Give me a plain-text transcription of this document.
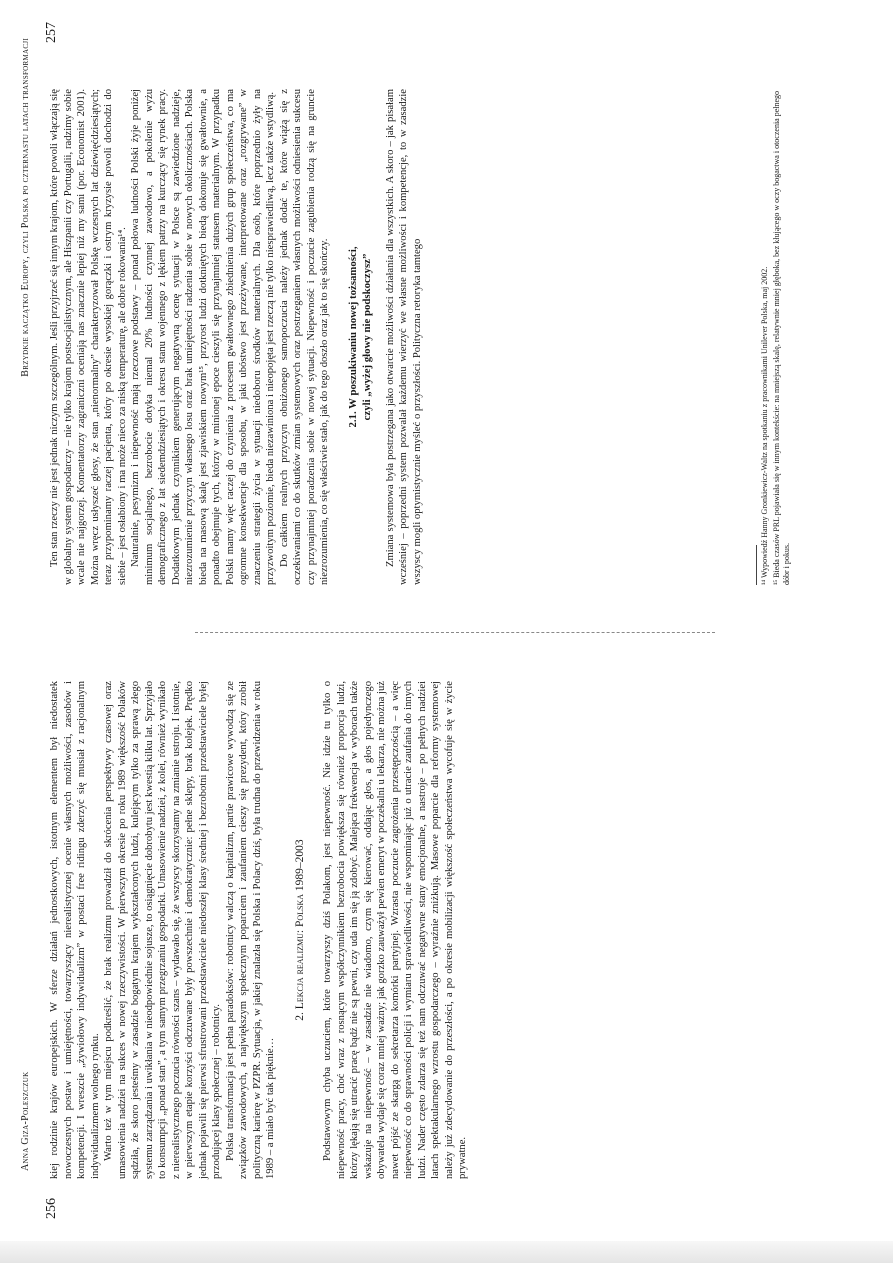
Anna Giza-Poleszczuk
256

kiej rodzinie krajów europejskich. W sferze działań jednostkowych, istotnym elementem był niedostatek nowoczesnych postaw i umiejętności, towarzyszący nierealistycznej ocenie własnych możliwości, zasobów i kompetencji. I wreszcie „żywiołowy indywidualizm” w postaci free ridingu zderzyć się musiał z racjonalnym indywidualizmem wolnego rynku. Warto też w tym miejscu podkreślić, że brak realizmu prowadził do skrócenia perspektywy czasowej oraz umasowienia nadziei na sukces w nowej rzeczywistości. W pierwszym okresie po roku 1989 większość Polaków sądziła, że skoro jesteśmy w zasadzie bogatym krajem wykształconych ludzi, kulejącym tylko za sprawą złego systemu zarządzania i uwikłania w nieodpowiednie sojusze, to osiągnięcie dobrobytu jest kwestią kilku lat. Sprzyjało to konsumpcji „ponad stan”, a tym samym przegrzaniu gospodarki. Umasowienie nadziei, z kolei, również wynikało z nierealistycznego poczucia równości szans – wydawało się, że wszyscy skorzystamy na zmianie ustroju. I istotnie, w pierwszym etapie korzyści odczuwane były powszechnie i demokratycznie: pełne sklepy, brak kolejek. Prędko jednak pojawili się pierwsi sfrustrowani przedstawiciele niedoszłej klasy średniej i bezrobotni przedstawiciele byłej przodującej klasy społecznej – robotnicy. Polska transformacja jest pełna paradoksów: robotnicy walczą o kapitalizm, partie prawicowe wywodzą się ze związków zawodowych, a największym społecznym poparciem i zaufaniem cieszy się prezydent, który zrobił polityczną karierę w PZPR. Sytuacja, w jakiej znalazła się Polska i Polacy dziś, była trudna do przewidzenia w roku 1989 – a miało być tak pięknie…

2. Lekcja realizmu: Polska 1989–2003 Podstawowym chyba uczuciem, które towarzyszy dziś Polakom, jest niepewność. Nie idzie tu tylko o niepewność pracy, choć wraz z rosnącym współczynnikiem bezrobocia powiększa się również proporcja ludzi, którzy lękają się utracić pracę bądź nie są pewni, czy uda im się ją zdobyć. Malejąca frekwencja w wyborach także wskazuje na niepewność – w zasadzie nie wiadomo, czym się kierować, oddając głos, a głos pojedynczego obywatela wydaje się coraz mniej ważny; jak gorzko zauważył pewien emeryt w poczekalni u lekarza, nie można już nawet pójść ze skargą do sekretarza komórki partyjnej. Wzrasta poczucie zagrożenia przestępczością – a więc niepewność co do sprawności policji i wymiaru sprawiedliwości, nie wspominając już o utracie zaufania do innych ludzi. Nader często zdarza się też nam odczuwać negatywne stany emocjonalne, a nastroje – po pełnych nadziei latach spektakularnego wzrostu gospodarczego – wyraźnie zniżkują. Masowe poparcie dla reformy systemowej należy już zdecydowanie do przeszłości, a po okresie mobilizacji większość społeczeństwa wycofuje się w życie prywatne.

Brzydkie kaczątko Europy, czyli Polska po czternastu latach transformacji
257

Ten stan rzeczy nie jest jednak niczym szczególnym. Jeśli przyjrzeć się innym krajom, które powoli włączają się w globalny system gospodarczy – nie tylko krajom postsocjalistycznym, ale Hiszpanii czy Portugalii, radzimy sobie wcale nie najgorzej. Komentatorzy zagraniczni oceniają nas znacznie lepiej niż my sami (por. Economist 2001). Można wręcz usłyszeć głosy, że stan „nienormalny” charakteryzował Polskę wczesnych lat dziewięćdziesiątych; teraz przypominamy raczej pacjenta, który po okresie wysokiej gorączki i ostrym kryzysie powoli dochodzi do siebie – jest osłabiony i ma może nieco za niską temperaturę, ale dobre rokowania¹⁴. Naturalnie, pesymizm i niepewność mają rzeczowe podstawy – ponad połowa ludności Polski żyje poniżej minimum socjalnego, bezrobocie dotyka niemal 20% ludności czynnej zawodowo, a pokolenie wyżu demograficznego z lat siedemdziesiątych i okresu stanu wojennego z lękiem patrzy na kurczący się rynek pracy. Dodatkowym jednak czynnikiem generującym negatywną ocenę sytuacji w Polsce są zawiedzione nadzieje, niezrozumienie przyczyn własnego losu oraz brak umiejętności radzenia sobie w nowych okolicznościach. Polska bieda na masową skalę jest zjawiskiem nowym¹⁵, przyrost ludzi dotkniętych biedą dokonuje się gwałtownie, a ponadto obejmuje tych, którzy w minionej epoce cieszyli się przynajmniej statusem materialnym. W przypadku Polski mamy więc raczej do czynienia z procesem gwałtownego zbiednienia dużych grup społeczeństwa, co ma ogromne konsekwencje dla sposobu, w jaki ubóstwo jest przeżywane, interpretowane oraz „rozgrywane” w znaczeniu strategii życia w sytuacji niedoboru środków materialnych. Dla osób, które poprzednio żyły na przyzwoitym poziomie, bieda niezawiniona i nieopojęta jest rzeczą nie tylko niesprawiedliwą, lecz także wstydliwą. Do całkiem realnych przyczyn obniżonego samopoczucia należy jednak dodać te, które wiążą się z oczekiwaniami co do skutków zmian systemowych oraz postrzeganiem własnych możliwości odniesienia sukcesu czy przynajmniej poradzenia sobie w nowej sytuacji. Niepewność i poczucie zagubienia rodzą się na gruncie niezrozumienia, co się właściwie stało, jak do tego doszło oraz jak to się skończy. 2.1. W poszukiwaniu nowej tożsamości, czyli „wyżej głowy nie podskoczysz” Zmiana systemowa była postrzegana jako otwarcie możliwości działania dla wszystkich. A skoro – jak pisałam wcześniej – poprzedni system pozwalał każdemu wierzyć we własne możliwości i kompetencje, to w zasadzie wszyscy mogli optymistycznie myśleć o przyszłości. Polityczna retoryka tamtego	¹⁴ Wypowiedź Hanny Gronkiewicz-Waltz na spotkaniu z pracownikami Unilever Polska, maj 2002. ¹⁵ Bieda czasów PRL pojawiała się w innym kontekście: na mniejszą skalę, relatywnie mniej głęboka, bez kłującego w oczy bogactwa i otoczenia pełnego dóbr i pokus.
